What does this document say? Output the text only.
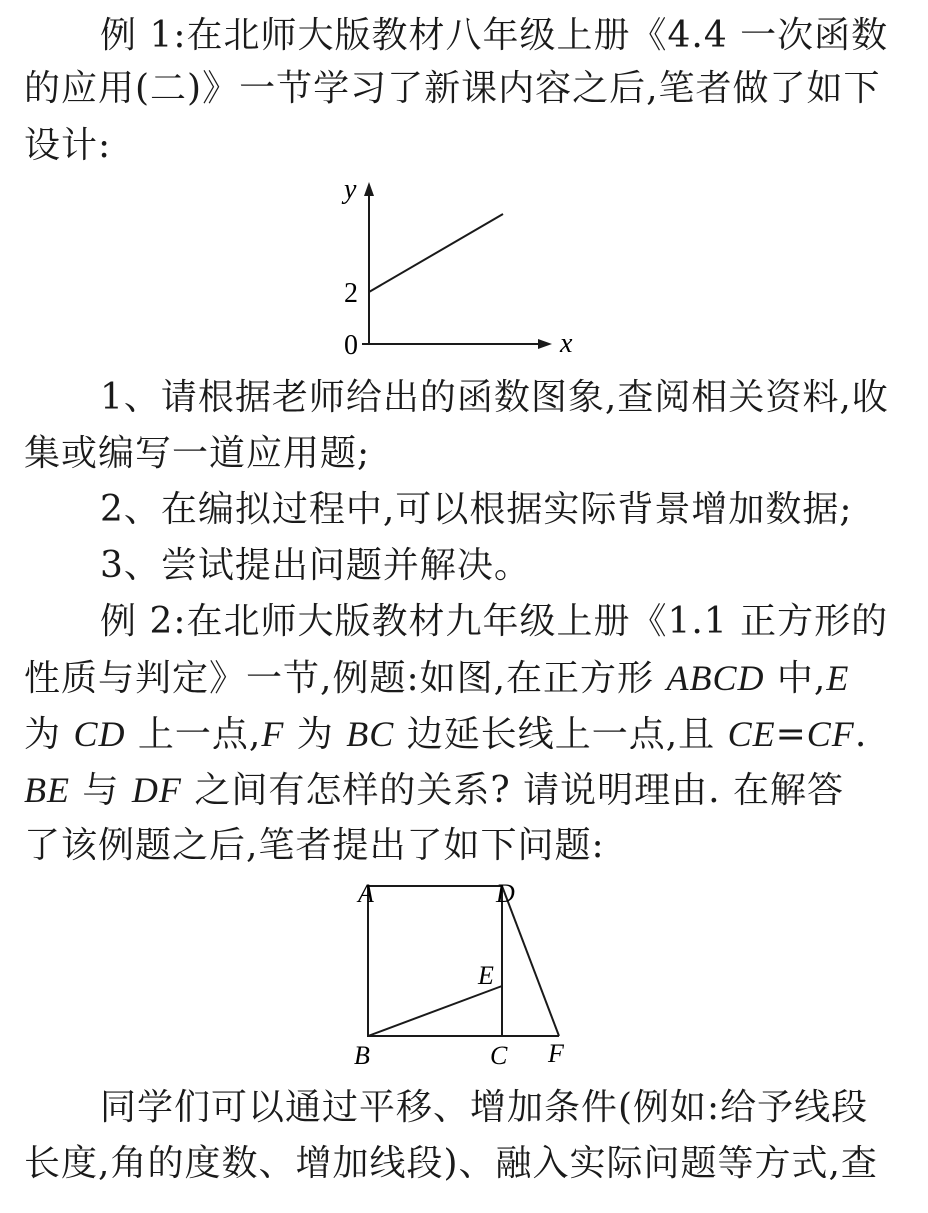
例 1:在北师大版教材八年级上册《4.4 一次函数
的应用(二)》一节学习了新课内容之后,笔者做了如下
设计:
y
x
2
0
1、请根据老师给出的函数图象,查阅相关资料,收
集或编写一道应用题;
2、在编拟过程中,可以根据实际背景增加数据;
3、尝试提出问题并解决。
例 2:在北师大版教材九年级上册《1.1 正方形的
性质与判定》一节,例题:如图,在正方形 ABCD 中,E
为 CD 上一点,F 为 BC 边延长线上一点,且 CE=CF.
BE 与 DF 之间有怎样的关系? 请说明理由. 在解答
了该例题之后,笔者提出了如下问题:
A	D
E
B	C F
同学们可以通过平移、增加条件(例如:给予线段
长度,角的度数、增加线段)、融入实际问题等方式,查
